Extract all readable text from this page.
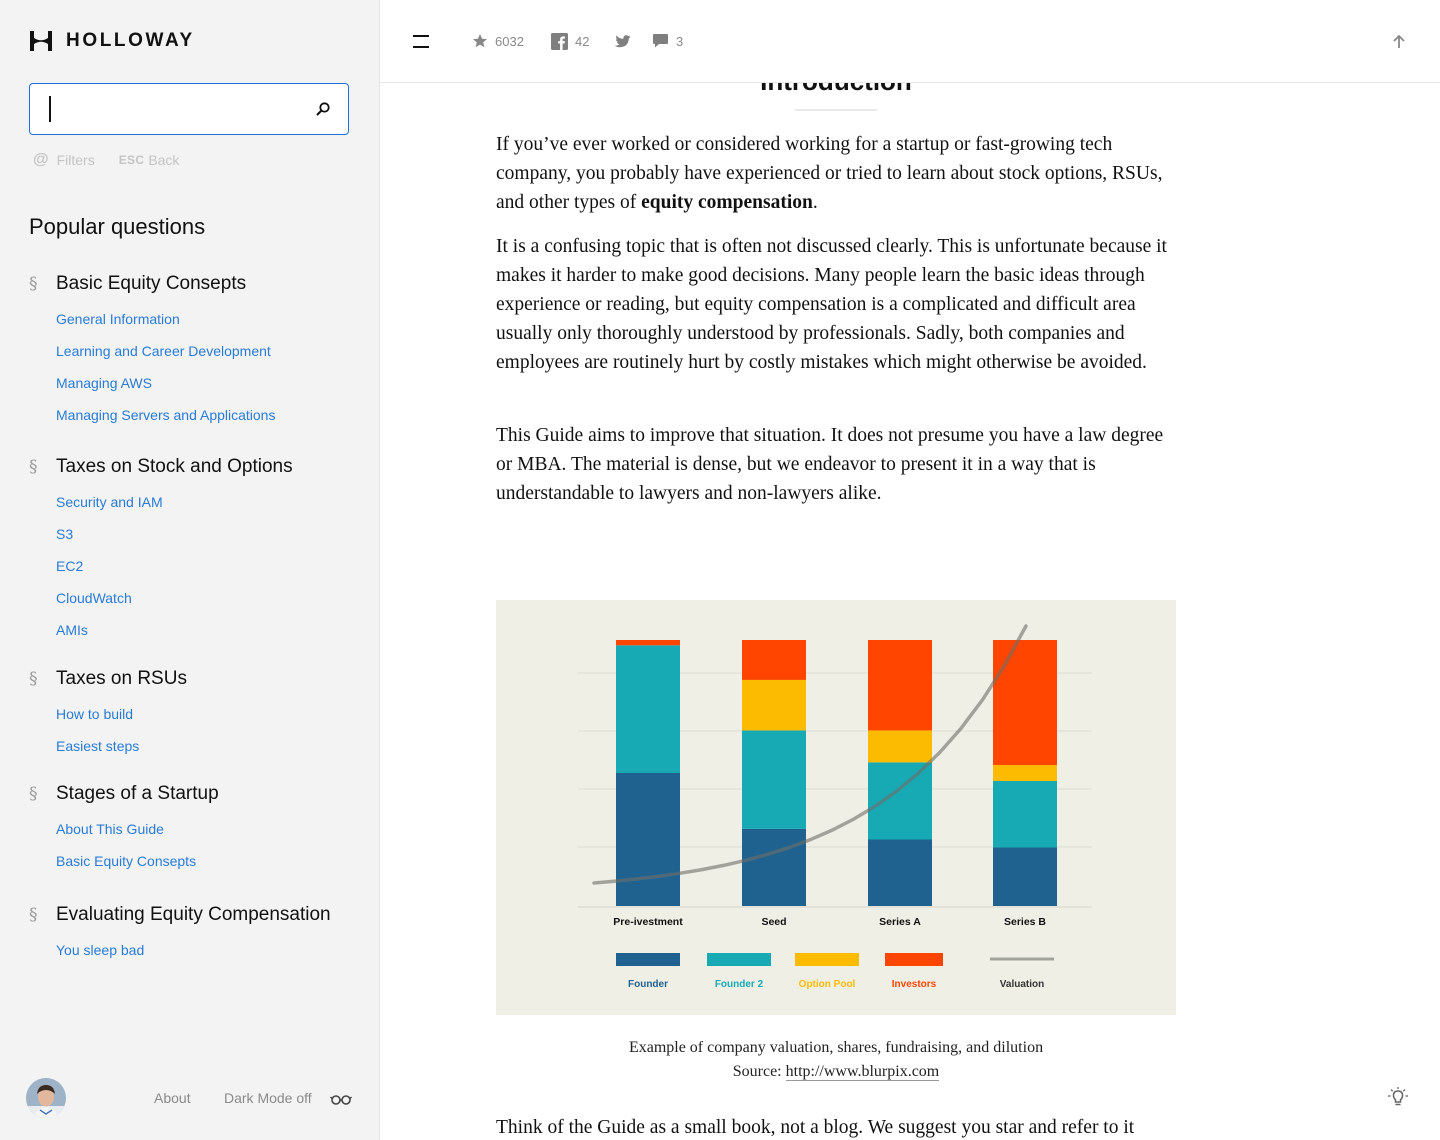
HOLLOWAY
@ Filters ESC Back
Popular questions
§ Basic Equity Consepts
General Information
Learning and Career Development
Managing AWS
Managing Servers and Applications
§ Taxes on Stock and Options
Security and IAM
S3
EC2
CloudWatch
AMIs
§ Taxes on RSUs
How to build
Easiest steps
§ Stages of a Startup
About This Guide
Basic Equity Consepts
§ Evaluating Equity Compensation
You sleep bad
About Dark Mode off
6032	42	3

If you’ve ever worked or considered working for a startup or fast-growing tech company, you probably have experienced or tried to learn about stock options, RSUs, and other types of equity compensation.

It is a confusing topic that is often not discussed clearly. This is unfortunate because it makes it harder to make good decisions. Many people learn the basic ideas through experience or reading, but equity compensation is a complicated and difficult area usually only thoroughly understood by professionals. Sadly, both companies and employees are routinely hurt by costly mistakes which might otherwise be avoided.

This Guide aims to improve that situation. It does not presume you have a law degree or MBA. The material is dense, but we endeavor to present it in a way that is understandable to lawyers and non-lawyers alike.

Pre-ivestment	Seed	Series A	Series B
Founder	Founder 2	Option Pool	Investors	Valuation
Example of company valuation, shares, fundraising, and dilution
Source: http://www.blurpix.com

Think of the Guide as a small book, not a blog. We suggest you star and refer to it
